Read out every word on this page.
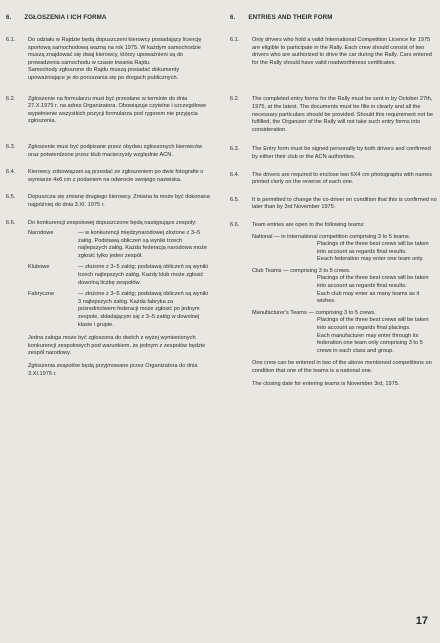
6. ZGŁOSZENIA I ICH FORMA
6.1.	Do udziału w Rajdzie będą dopuszczeni kierowcy posiadający licencję sportową samochodową ważną na rok 1975. W każdym samochodzie muszą znajdować się dwaj kierowcy, którzy upoważnieni są do prowadzenia samochodu w czasie trwania Rajdu.

Samochody zgłoszone do Rajdu muszą posiadać dokumenty upoważniające je do poruszania się po drogach publicznych.

6.2.	Zgłoszenie na formularzu musi być przesłane w terminie do dnia 27.X.1975 r. na adres Organizatora. Obowiązuje czytelne i szczegółowe wypełnienie wszystkich pozycji formularza pod rygorem nie przyjęcia zgłoszenia.

6.3.	Zgłoszenie musi być podpisane przez obydwu zgłoszonych kierowców oraz potwierdzone przez klub macierzysty względnie ACN.

6.4.	Kierowcy zobowiązani są przesłać ze zgłoszeniem po dwie fotografie o wymiarze 4x6 cm z podaniem na odwrocie swojego nazwiska.

6.5.	Dopuszcza się zmianę drugiego kierowcy. Zmiana ta może być dokonana najpóźniej do dnia 3.XI. 1975 r.

6.6.	Do konkurencji zespołowej dopuszczone będą następujące zespoły:

Narodowe	— w konkurencji międzynarodowej złożone z 3–5 załóg. Podstawą obliczeń są wyniki trzech najlepszych załóg. Każda federacja narodowa może zgłosić tylko jeden zespół.
Klubowe	— złożone z 3–5 załóg; podstawą obliczeń są wyniki trzech najlepszych załóg. Każdy klub może zgłosić dowolną liczbę zespołów.
Fabryczne	— złożone z 3–5 załóg; podstawą obliczeń są wyniki 3 najlepszych załóg. Każda fabryka za pośrednictwem federacji może zgłosić po jednym zespole, składającym się z 3–5 załóg w dowolnej klasie i grupie.

Jedna załoga może być zgłoszona do dwóch z wyżej wymienionych konkurencji zespołowych pod warunkiem, że jednym z zespołów będzie zespół narodowy.

Zgłoszenia zespołów będą przyjmowane przez Organizatora do dnia 3.XI.1975 r.

6. ENTRIES AND THEIR FORM
6.1.	Only drivers who hold a valid International Competition Licence for 1975 are eligible to participate in the Rally. Each crew should consist of two drivers who are authorized to drive the car during the Rally. Cars entered for the Rally should have valid roadworthiness certificates.

6.2.	The completed entry forms for the Rally must be sent in by October 27th, 1975, at the latest. The documents must be fille in clearly and all the necessary particulars should be provided. Should this requirement not be fulfilled, the Organizer of the Rally will not take such entry forms into consideration.

6.3.	The Entry form must be signed personally by both drivers and confirmed by either their club or the ACN authorities.

6.4.	The drivers are required to enclose two 6X4 cm photographs with names printed clerly on the reverse of each one.

6.5.	It is permitted to change the co-driver on condition that this is confirmed no later than by 3rd November 1975.

6.6.	Team entries are open to the following teams:

National — in international competition comprising 3 to 5 teams.

Placings of the three best crews will be taken into account as regards final results.

Eeach federation may enter one team only.

Club Teams — comprising 3 to 5 crews.

Placings of the three best crews will be taken into account as regards final results.

Each club may enter as many teams as it wishes.

Manufacturer's Teams — comprising 3 to 5 crews.

Placings of the three best crews will be taken into account as regards final placings.

Each manufacturer may enter through its federation one team only comprising 3 to 5 crews in each class and group.

One crew can be entered in two of the above mentioned competitions on condition that one of the teams is a national one.

The closing date for entering teams is November 3rd, 1975.

17
